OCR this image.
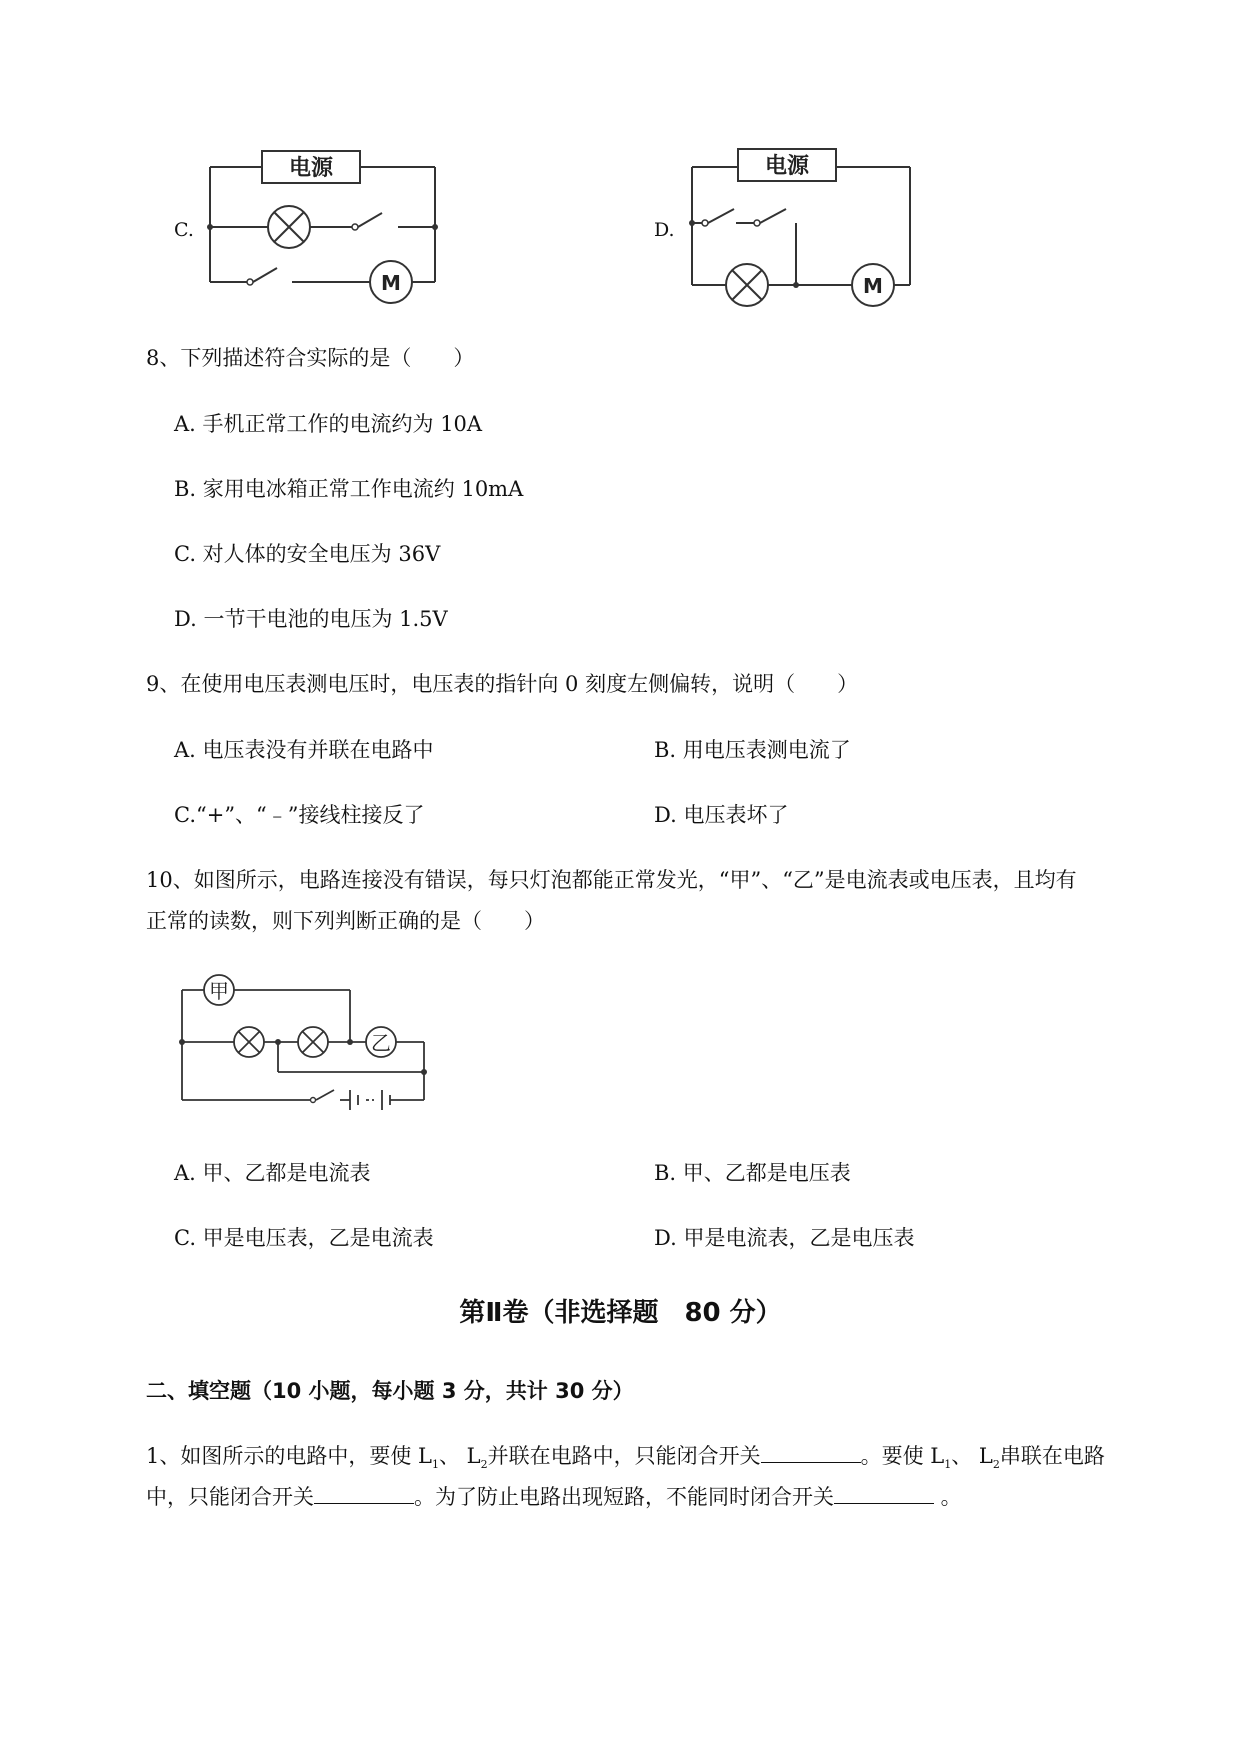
C.
电源
M
D.
电源
M
8、下列描述符合实际的是（　　）
A. 手机正常工作的电流约为 10A
B. 家用电冰箱正常工作电流约 10mA
C. 对人体的安全电压为 36V
D. 一节干电池的电压为 1.5V
9、在使用电压表测电压时，电压表的指针向 0 刻度左侧偏转，说明（　　）
A. 电压表没有并联在电路中	B. 用电压表测电流了
C.“+”、“﹣”接线柱接反了	D. 电压表坏了
10、如图所示，电路连接没有错误，每只灯泡都能正常发光，“甲”、“乙”是电流表或电压表，且均有
正常的读数，则下列判断正确的是（　　）
甲
乙
A. 甲、乙都是电流表	B. 甲、乙都是电压表
C. 甲是电压表，乙是电流表	D. 甲是电流表，乙是电压表
第Ⅱ卷（非选择题　80 分）
二、填空题（10 小题，每小题 3 分，共计 30 分）
1、如图所示的电路中，要使 $L_1$、 $L_2$并联在电路中，只能闭合开关	。要使 $L_1$、 $L_2$串联在电路
中，只能闭合开关	。为了防止电路出现短路，不能同时闭合开关	。
